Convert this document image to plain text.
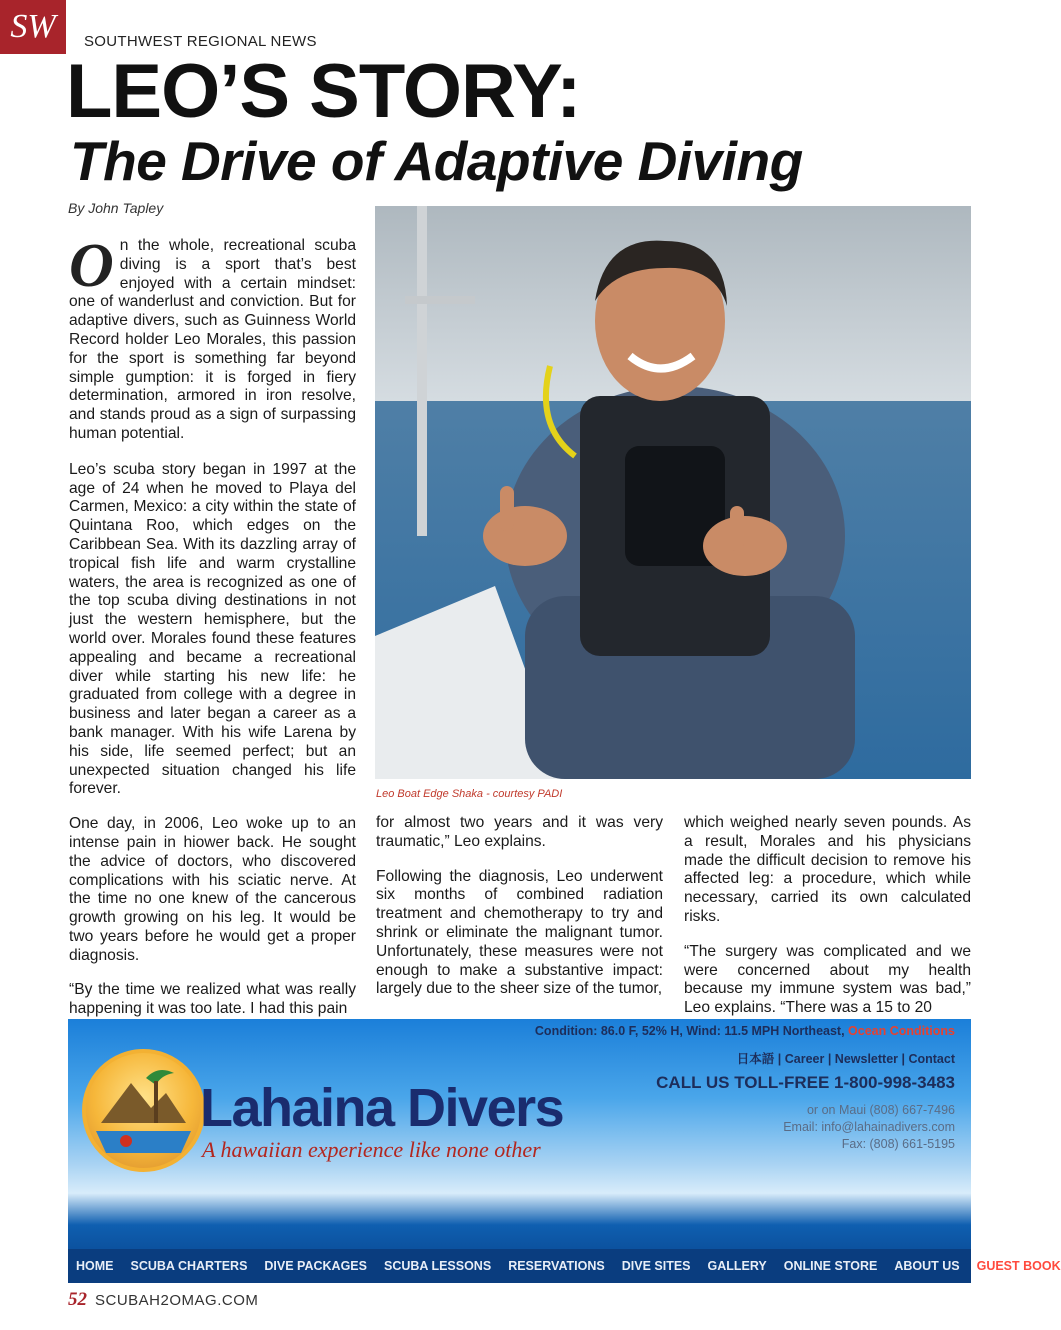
SW	SOUTHWEST REGIONAL NEWS
LEO’S STORY:
The Drive of Adaptive Diving
By John Tapley

On the whole, recreational scuba diving is a sport that’s best enjoyed with a certain mindset: one of wanderlust and conviction. But for adaptive divers, such as Guinness World Record holder Leo Morales, this passion for the sport is something far beyond simple gumption: it is forged in fiery determination, armored in iron resolve, and stands proud as a sign of surpassing human potential.

Leo’s scuba story began in 1997 at the age of 24 when he moved to Playa del Carmen, Mexico: a city within the state of Quintana Roo, which edges on the Caribbean Sea. With its dazzling array of tropical fish life and warm crystalline waters, the area is recognized as one of the top scuba diving destinations in not just the western hemisphere, but the world over. Morales found these features appealing and became a recreational diver while starting his new life: he graduated from college with a degree in business and later began a career as a bank manager. With his wife Larena by his side, life seemed perfect; but an unexpected situation changed his life forever.

One day, in 2006, Leo woke up to an intense pain in hiower back. He sought the advice of doctors, who discovered complications with his sciatic nerve. At the time no one knew of the cancerous growth growing on his leg. It would be two years before he would get a proper diagnosis.

“By the time we realized what was really happening it was too late. I had this pain

Leo Boat Edge Shaka - courtesy PADI

for almost two years and it was very traumatic,” Leo explains.

Following the diagnosis, Leo underwent six months of combined radiation treatment and chemotherapy to try and shrink or eliminate the malignant tumor. Unfortunately, these measures were not enough to make a substantive impact: largely due to the sheer size of the tumor,

which weighed nearly seven pounds. As a result, Morales and his physicians made the difficult decision to remove his affected leg: a procedure, which while necessary, carried its own calculated risks.

“The surgery was complicated and we were concerned about my health because my immune system was bad,” Leo explains. “There was a 15 to 20

Condition: 86.0 F, 52% H, Wind: 11.5 MPH Northeast, Ocean Conditions
日本語 | Career | Newsletter | Contact
CALL US TOLL-FREE 1-800-998-3483
or on Maui (808) 667-7496
Email: info@lahainadivers.com
Fax: (808) 661-5195
Lahaina Divers
A hawaiian experience like none other
HOME SCUBA CHARTERS DIVE PACKAGES SCUBA LESSONS RESERVATIONS DIVE SITES GALLERY ONLINE STORE ABOUT US GUEST BOOK
52 SCUBAH2OMAG.COM
